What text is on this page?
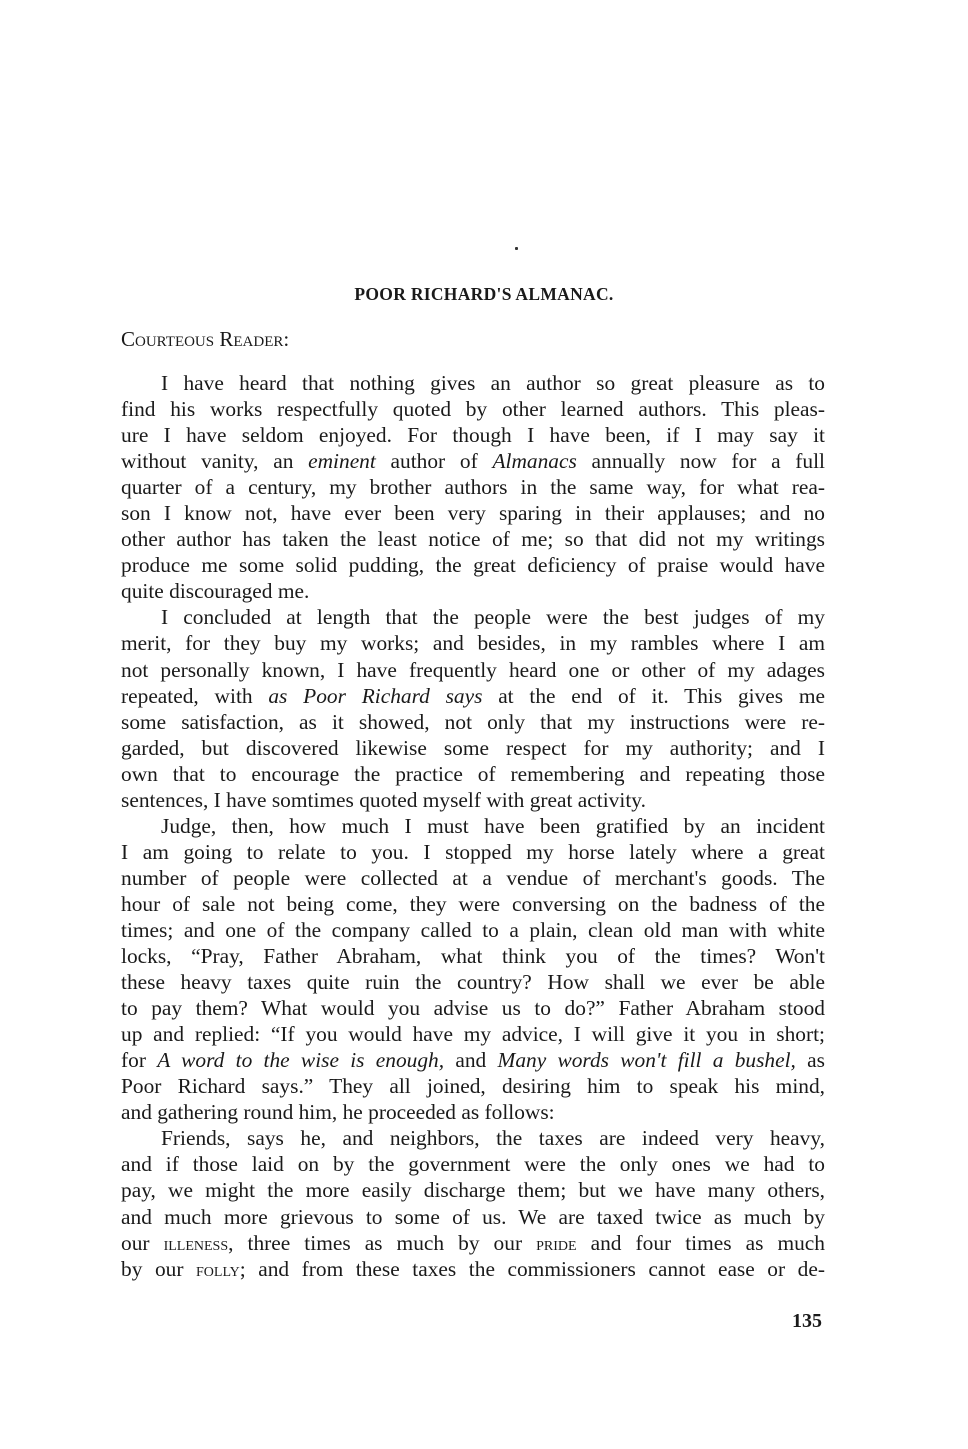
POOR RICHARD'S ALMANAC.

Courteous Reader:

I have heard that nothing gives an author so great pleasure as to
find his works respectfully quoted by other learned authors. This pleas-
ure I have seldom enjoyed. For though I have been, if I may say it
without vanity, an eminent author of Almanacs annually now for a full
quarter of a century, my brother authors in the same way, for what rea-
son I know not, have ever been very sparing in their applauses; and no
other author has taken the least notice of me; so that did not my writings
produce me some solid pudding, the great deficiency of praise would have
quite discouraged me.
I concluded at length that the people were the best judges of my
merit, for they buy my works; and besides, in my rambles where I am
not personally known, I have frequently heard one or other of my adages
repeated, with as Poor Richard says at the end of it. This gives me
some satisfaction, as it showed, not only that my instructions were re-
garded, but discovered likewise some respect for my authority; and I
own that to encourage the practice of remembering and repeating those
sentences, I have somtimes quoted myself with great activity.
Judge, then, how much I must have been gratified by an incident
I am going to relate to you. I stopped my horse lately where a great
number of people were collected at a vendue of merchant's goods. The
hour of sale not being come, they were conversing on the badness of the
times; and one of the company called to a plain, clean old man with white
locks, “Pray, Father Abraham, what think you of the times? Won't
these heavy taxes quite ruin the country? How shall we ever be able
to pay them? What would you advise us to do?” Father Abraham stood
up and replied: “If you would have my advice, I will give it you in short;
for A word to the wise is enough, and Many words won't fill a bushel, as
Poor Richard says.” They all joined, desiring him to speak his mind,
and gathering round him, he proceeded as follows:
Friends, says he, and neighbors, the taxes are indeed very heavy,
and if those laid on by the government were the only ones we had to
pay, we might the more easily discharge them; but we have many others,
and much more grievous to some of us. We are taxed twice as much by
our illeness, three times as much by our pride and four times as much
by our folly; and from these taxes the commissioners cannot ease or de-

135
